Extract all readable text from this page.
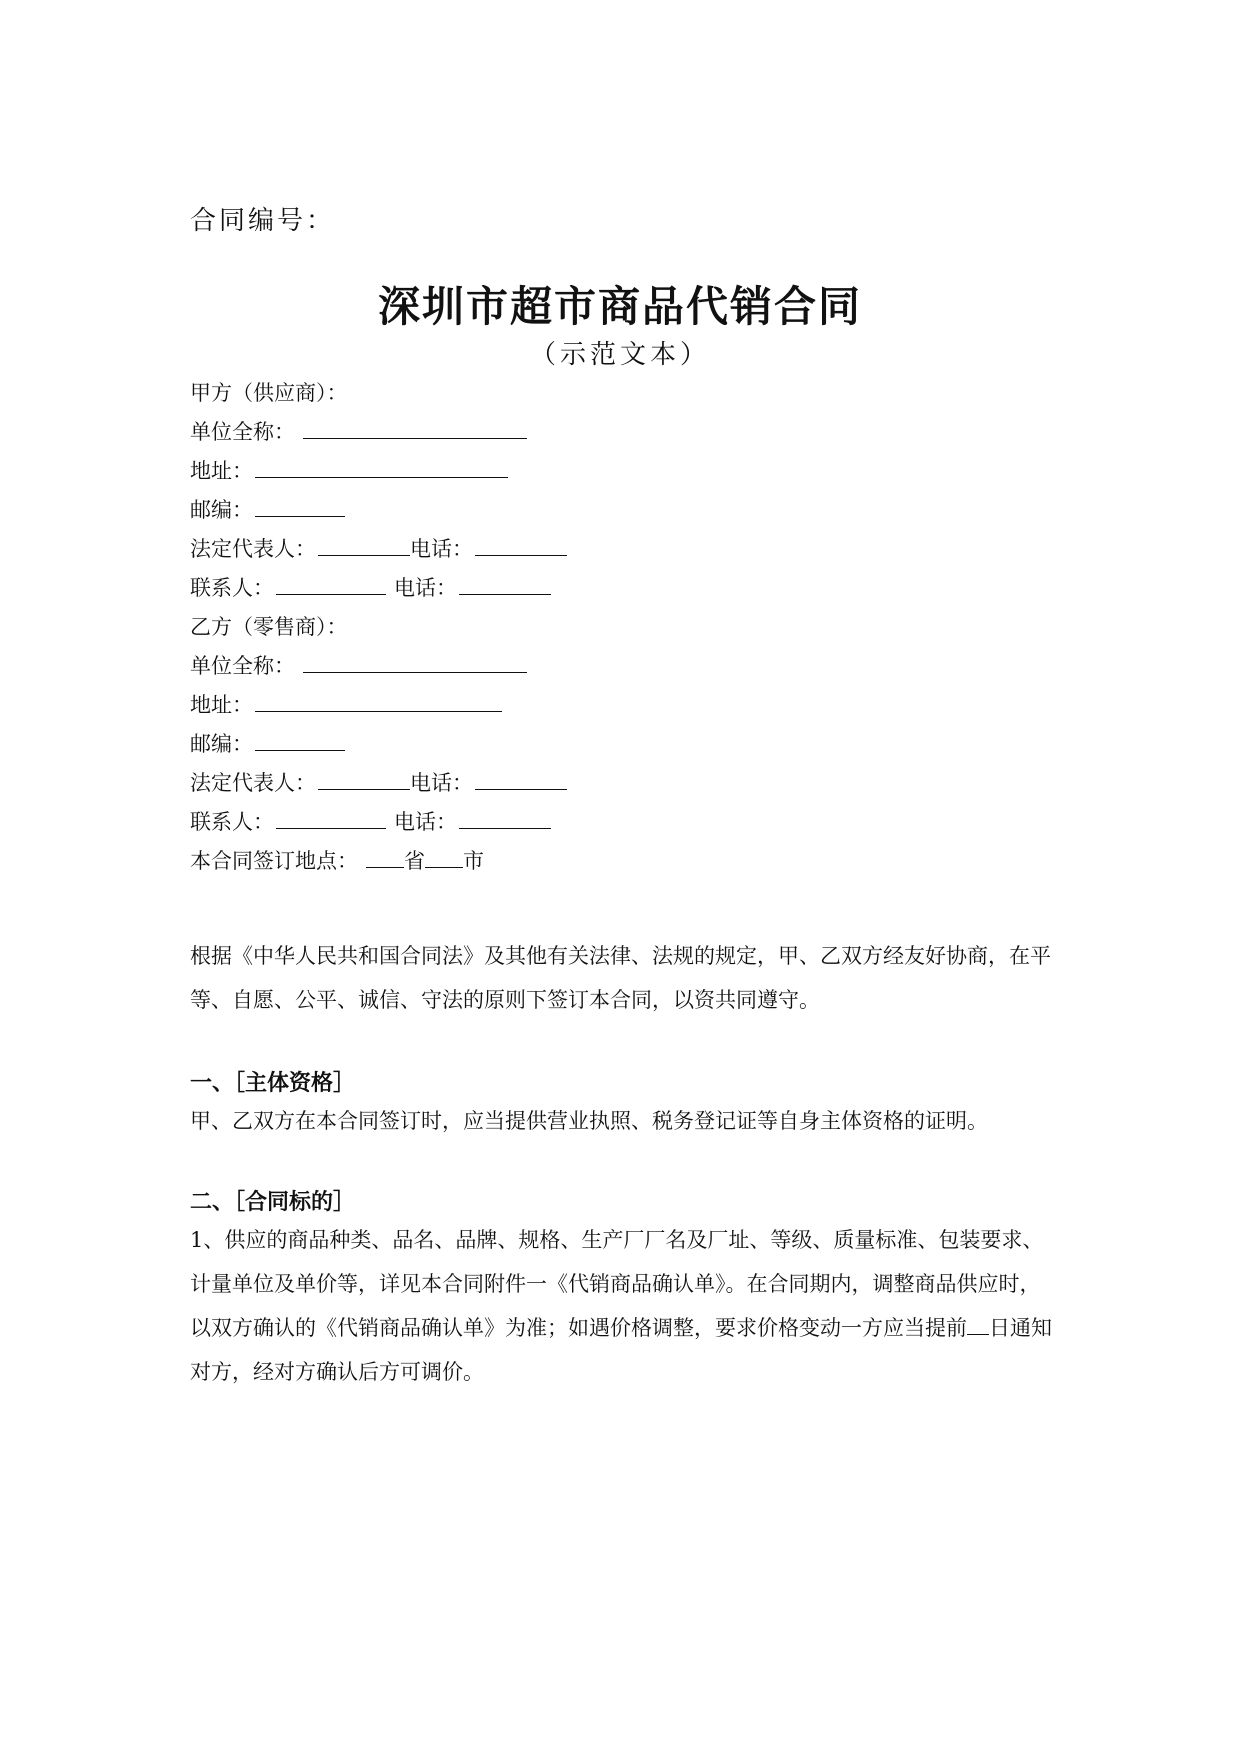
合同编号：
深圳市超市商品代销合同
（示范文本）
甲方（供应商）：
单位全称：
地址：
邮编：
法定代表人：	电话：
联系人：	电话：
乙方（零售商）：
单位全称：
地址：
邮编：
法定代表人：	电话：
联系人：	电话：
本合同签订地点： 省 市
根据《中华人民共和国合同法》及其他有关法律、法规的规定，甲、乙双方经友好协商，在平等、自愿、公平、诚信、守法的原则下签订本合同，以资共同遵守。
一、［主体资格］
甲、乙双方在本合同签订时，应当提供营业执照、税务登记证等自身主体资格的证明。
二、［合同标的］
1、供应的商品种类、品名、品牌、规格、生产厂厂名及厂址、等级、质量标准、包装要求、计量单位及单价等，详见本合同附件一《代销商品确认单》。在合同期内，调整商品供应时，以双方确认的《代销商品确认单》为准；如遇价格调整，要求价格变动一方应当提前 日通知对方，经对方确认后方可调价。
